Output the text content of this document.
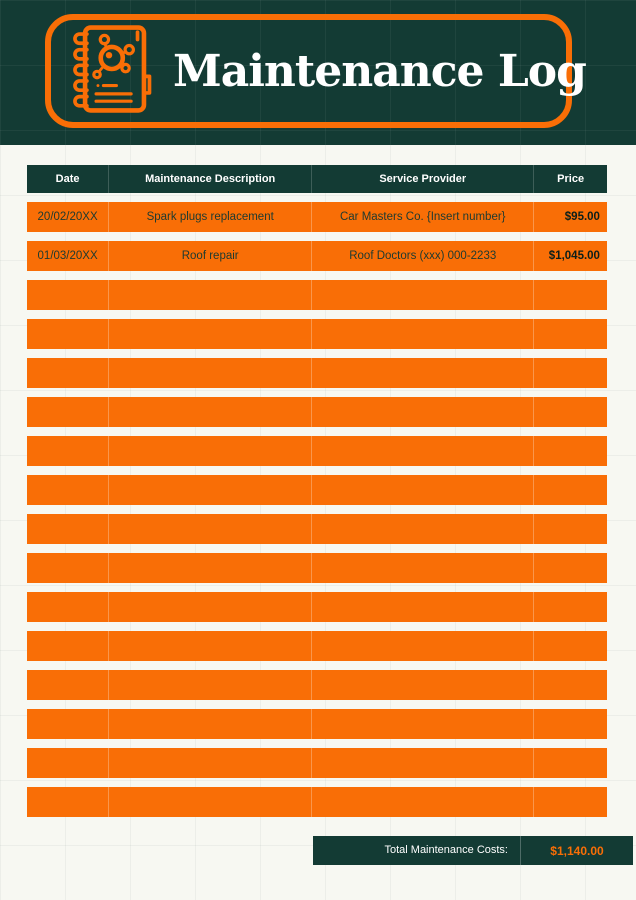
Maintenance Log
Date	Maintenance Description	Service Provider	Price
20/02/20XX	Spark plugs replacement	Car Masters Co. {Insert number}	$95.00
01/03/20XX	Roof repair	Roof Doctors (xxx) 000-2233	$1,045.00
Total Maintenance Costs:	$1,140.00
